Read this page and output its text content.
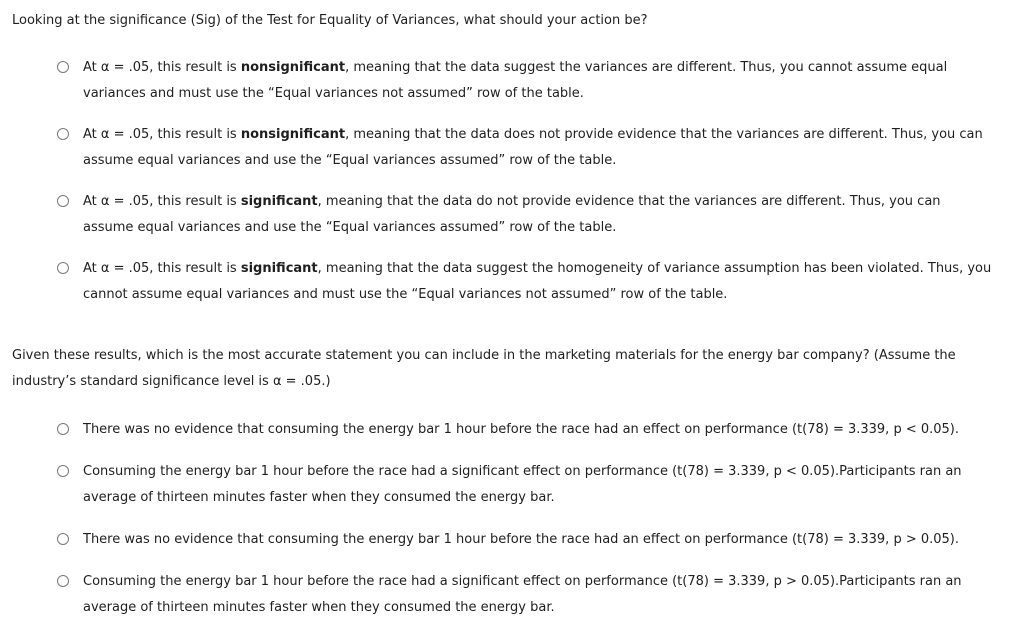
Looking at the significance (Sig) of the Test for Equality of Variances, what should your action be?

At α = .05, this result is nonsignificant, meaning that the data suggest the variances are different. Thus, you cannot assume equal variances and must use the “Equal variances not assumed” row of the table.
At α = .05, this result is nonsignificant, meaning that the data does not provide evidence that the variances are different. Thus, you can assume equal variances and use the “Equal variances assumed” row of the table.
At α = .05, this result is significant, meaning that the data do not provide evidence that the variances are different. Thus, you can assume equal variances and use the “Equal variances assumed” row of the table.
At α = .05, this result is significant, meaning that the data suggest the homogeneity of variance assumption has been violated. Thus, you cannot assume equal variances and must use the “Equal variances not assumed” row of the table.

Given these results, which is the most accurate statement you can include in the marketing materials for the energy bar company? (Assume the industry’s standard significance level is α = .05.)

There was no evidence that consuming the energy bar 1 hour before the race had an effect on performance (t(78) = 3.339, p < 0.05).
Consuming the energy bar 1 hour before the race had a significant effect on performance (t(78) = 3.339, p < 0.05).Participants ran an average of thirteen minutes faster when they consumed the energy bar.
There was no evidence that consuming the energy bar 1 hour before the race had an effect on performance (t(78) = 3.339, p > 0.05).
Consuming the energy bar 1 hour before the race had a significant effect on performance (t(78) = 3.339, p > 0.05).Participants ran an average of thirteen minutes faster when they consumed the energy bar.
